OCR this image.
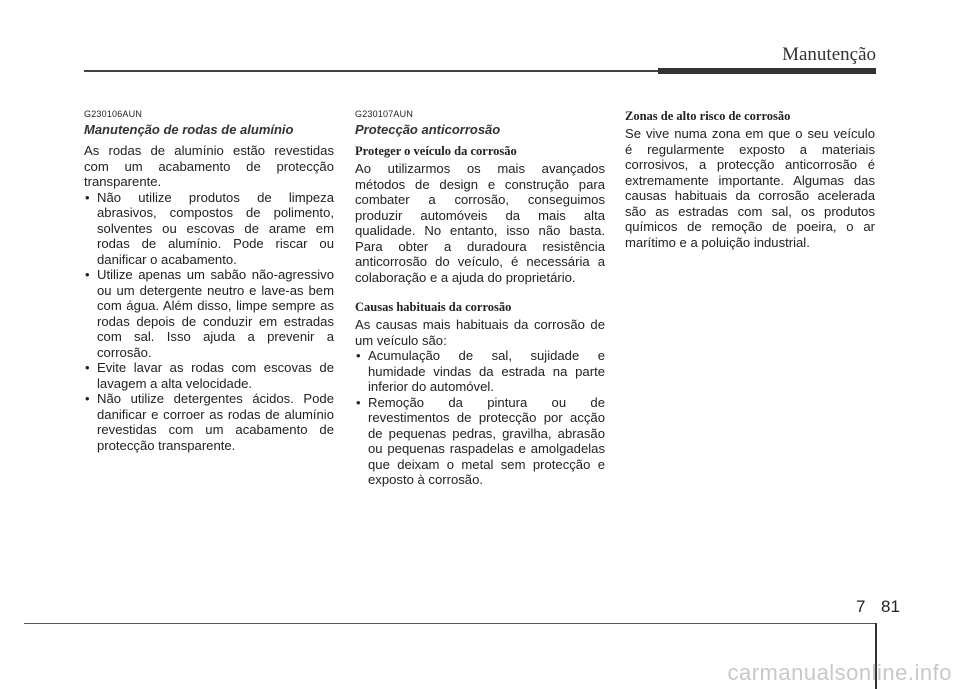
Manutenção
G230106AUN
Manutenção de rodas de alumínio

As rodas de alumínio estão revestidas com um acabamento de protecção transparente.

• Não utilize produtos de limpeza abrasivos, compostos de polimento, solventes ou escovas de arame em rodas de alumínio. Pode riscar ou danificar o acabamento.
• Utilize apenas um sabão não-agressivo ou um detergente neutro e lave-as bem com água. Além disso, limpe sempre as rodas depois de conduzir em estradas com sal. Isso ajuda a prevenir a corrosão.
• Evite lavar as rodas com escovas de lavagem a alta velocidade.
• Não utilize detergentes ácidos. Pode danificar e corroer as rodas de alumínio revestidas com um acabamento de protecção transparente.
G230107AUN
Protecção anticorrosão
Proteger o veículo da corrosão

Ao utilizarmos os mais avançados métodos de design e construção para combater a corrosão, conseguimos produzir automóveis da mais alta qualidade. No entanto, isso não basta. Para obter a duradoura resistência anticorrosão do veículo, é necessária a colaboração e a ajuda do proprietário.

Causas habituais da corrosão

As causas mais habituais da corrosão de um veículo são:

• Acumulação de sal, sujidade e humidade vindas da estrada na parte inferior do automóvel.
• Remoção da pintura ou de revestimentos de protecção por acção de pequenas pedras, gravilha, abrasão ou pequenas raspadelas e amolgadelas que deixam o metal sem protecção e exposto à corrosão.
Zonas de alto risco de corrosão

Se vive numa zona em que o seu veículo é regularmente exposto a materiais corrosivos, a protecção anticorrosão é extremamente importante. Algumas das causas habituais da corrosão acelerada são as estradas com sal, os produtos químicos de remoção de poeira, o ar marítimo e a poluição industrial.

7 81
carmanualsonline.info
